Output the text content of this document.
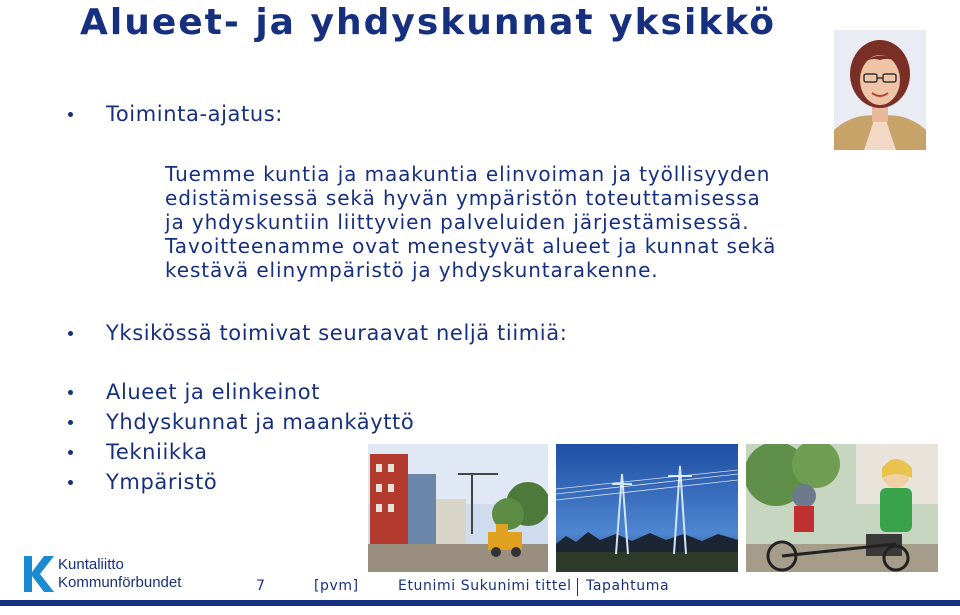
Alueet- ja yhdyskunnat yksikkö
Toiminta-ajatus:
Tuemme kuntia ja maakuntia elinvoiman ja työllisyyden
edistämisessä sekä hyvän ympäristön toteuttamisessa
ja yhdyskuntiin liittyvien palveluiden järjestämisessä.
Tavoitteenamme ovat menestyvät alueet ja kunnat sekä
kestävä elinympäristö ja yhdyskuntarakenne.
Yksikössä toimivat seuraavat neljä tiimiä:
Alueet ja elinkeinot
Yhdyskunnat ja maankäyttö
Tekniikka
Ympäristö
Kuntaliitto
Kommunförbundet	7	[pvm]	Etunimi Sukunimi tittel Tapahtuma
